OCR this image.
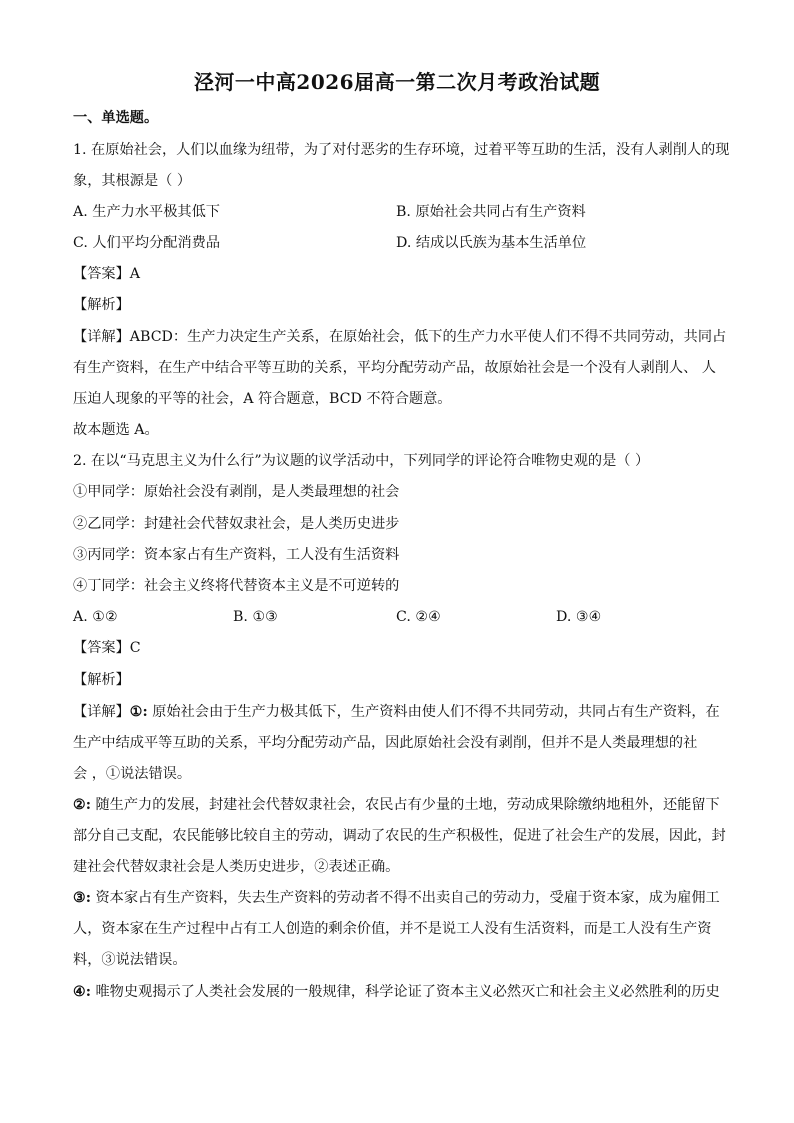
泾河一中高2026届高一第二次月考政治试题
一、单选题。
1. 在原始社会，人们以血缘为纽带，为了对付恶劣的生存环境，过着平等互助的生活，没有人剥削人的现
象，其根源是（ ）
A. 生产力水平极其低下	B. 原始社会共同占有生产资料
C. 人们平均分配消费品	D. 结成以氏族为基本生活单位
【答案】A
【解析】
【详解】ABCD：生产力决定生产关系，在原始社会，低下的生产力水平使人们不得不共同劳动，共同占
有生产资料，在生产中结合平等互助的关系，平均分配劳动产品，故原始社会是一个没有人剥削人、 人
压迫人现象的平等的社会，A 符合题意，BCD 不符合题意。
故本题选 A。
2. 在以“马克思主义为什么行”为议题的议学活动中，下列同学的评论符合唯物史观的是（ ）
①甲同学：原始社会没有剥削，是人类最理想的社会
②乙同学：封建社会代替奴隶社会，是人类历史进步
③丙同学：资本家占有生产资料，工人没有生活资料
④丁同学：社会主义终将代替资本主义是不可逆转的
A. ①②	B. ①③	C. ②④	D. ③④
【答案】C
【解析】
【详解】①: 原始社会由于生产力极其低下，生产资料由使人们不得不共同劳动，共同占有生产资料，在
生产中结成平等互助的关系，平均分配劳动产品，因此原始社会没有剥削，但并不是人类最理想的社
会 ，①说法错误。
②: 随生产力的发展，封建社会代替奴隶社会，农民占有少量的土地，劳动成果除缴纳地租外，还能留下
部分自己支配，农民能够比较自主的劳动，调动了农民的生产积极性，促进了社会生产的发展，因此，封
建社会代替奴隶社会是人类历史进步，②表述正确。
③: 资本家占有生产资料，失去生产资料的劳动者不得不出卖自己的劳动力，受雇于资本家，成为雇佣工
人，资本家在生产过程中占有工人创造的剩余价值，并不是说工人没有生活资料，而是工人没有生产资
料，③说法错误。
④: 唯物史观揭示了人类社会发展的一般规律，科学论证了资本主义必然灭亡和社会主义必然胜利的历史
